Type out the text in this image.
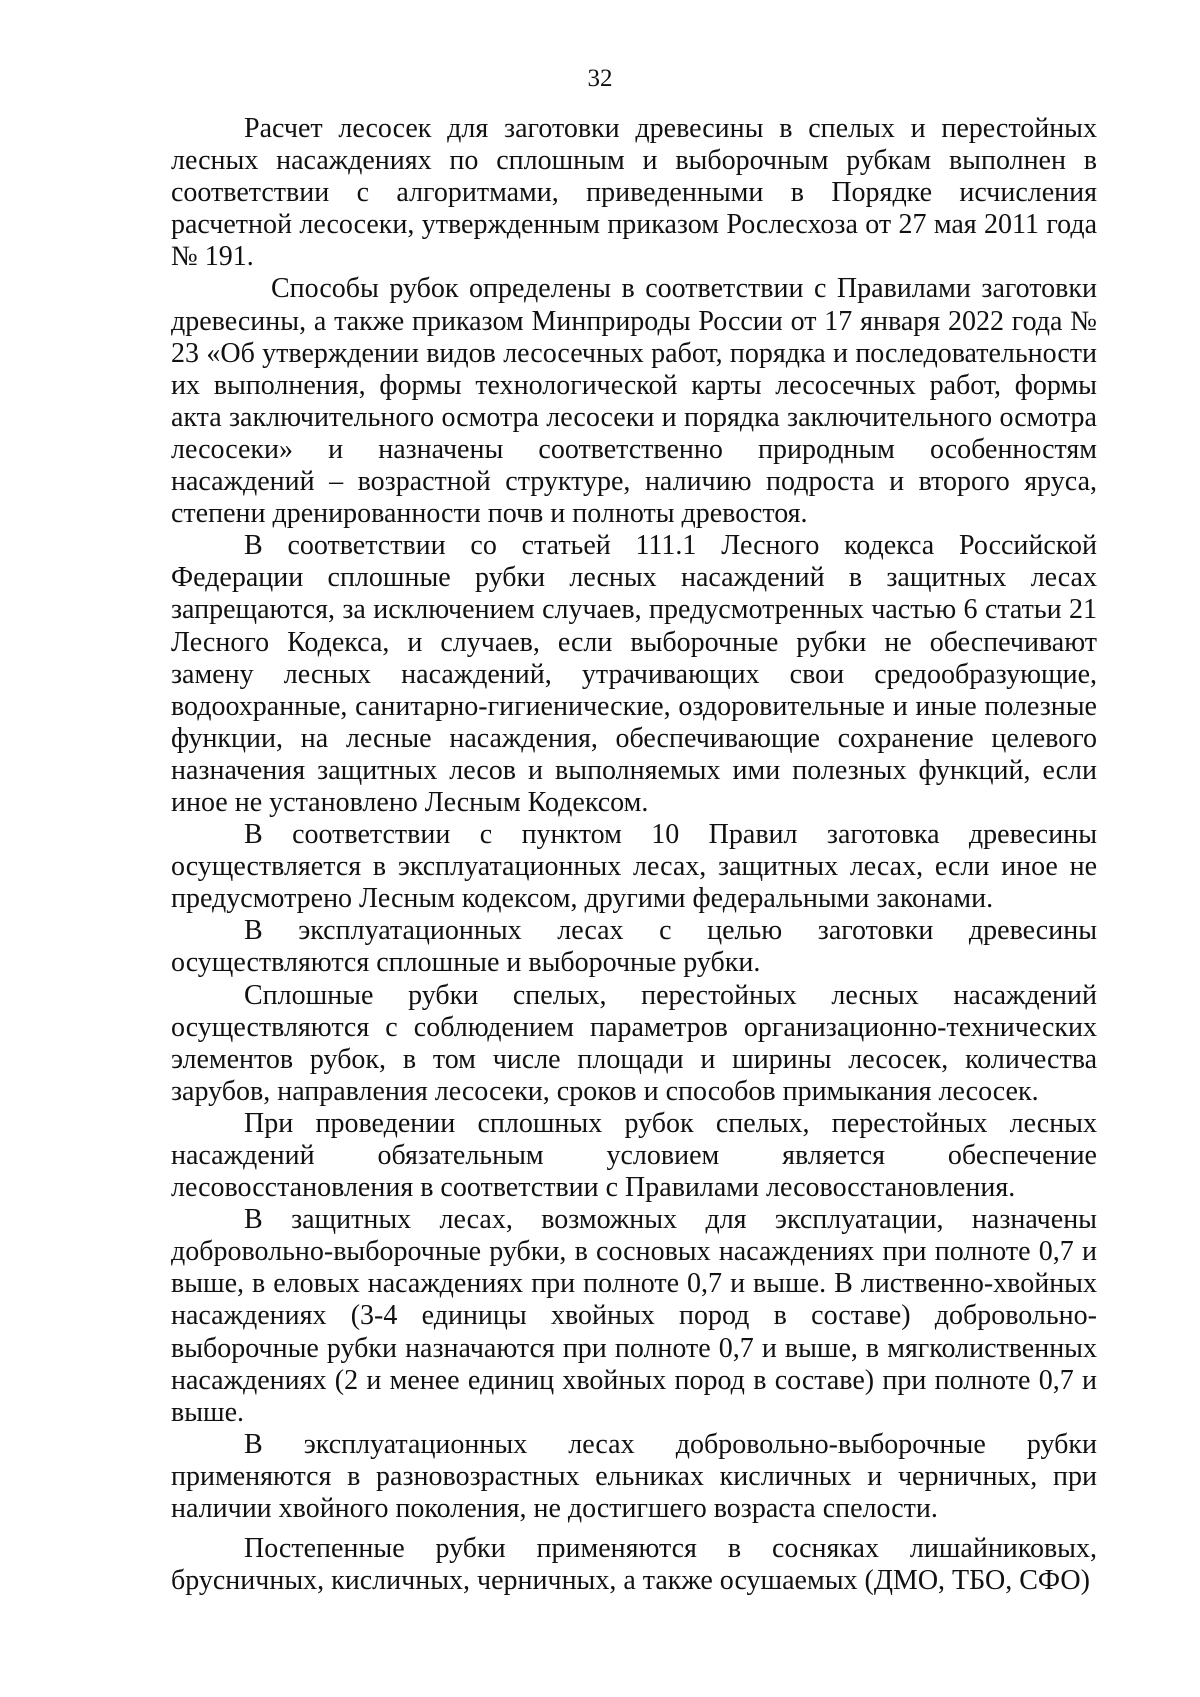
32

Расчет лесосек для заготовки древесины в спелых и перестойных лесных насаждениях по сплошным и выборочным рубкам выполнен в соответствии с алгоритмами, приведенными в Порядке исчисления расчетной лесосеки, утвержденным приказом Рослесхоза от 27 мая 2011 года № 191.

Способы рубок определены в соответствии с Правилами заготовки древесины, а также приказом Минприроды России от 17 января 2022 года № 23 «Об утверждении видов лесосечных работ, порядка и последовательности их выполнения, формы технологической карты лесосечных работ, формы акта заключительного осмотра лесосеки и порядка заключительного осмотра лесосеки» и назначены соответственно природным особенностям насаждений – возрастной структуре, наличию подроста и второго яруса, степени дренированности почв и полноты древостоя.

В соответствии со статьей 111.1 Лесного кодекса Российской Федерации сплошные рубки лесных насаждений в защитных лесах запрещаются, за исключением случаев, предусмотренных частью 6 статьи 21 Лесного Кодекса, и случаев, если выборочные рубки не обеспечивают замену лесных насаждений, утрачивающих свои средообразующие, водоохранные, санитарно-гигиенические, оздоровительные и иные полезные функции, на лесные насаждения, обеспечивающие сохранение целевого назначения защитных лесов и выполняемых ими полезных функций, если иное не установлено Лесным Кодексом.

В соответствии с пунктом 10 Правил заготовка древесины осуществляется в эксплуатационных лесах, защитных лесах, если иное не предусмотрено Лесным кодексом, другими федеральными законами.

В эксплуатационных лесах с целью заготовки древесины осуществляются сплошные и выборочные рубки.

Сплошные рубки спелых, перестойных лесных насаждений осуществляются с соблюдением параметров организационно-технических элементов рубок, в том числе площади и ширины лесосек, количества зарубов, направления лесосеки, сроков и способов примыкания лесосек.

При проведении сплошных рубок спелых, перестойных лесных насаждений обязательным условием является обеспечение лесовосстановления в соответствии с Правилами лесовосстановления.

В защитных лесах, возможных для эксплуатации, назначены добровольно-выборочные рубки, в сосновых насаждениях при полноте 0,7 и выше, в еловых насаждениях при полноте 0,7 и выше. В лиственно-хвойных насаждениях (3-4 единицы хвойных пород в составе) добровольно-выборочные рубки назначаются при полноте 0,7 и выше, в мягколиственных насаждениях (2 и менее единиц хвойных пород в составе) при полноте 0,7 и выше.

В эксплуатационных лесах добровольно-выборочные рубки применяются в разновозрастных ельниках кисличных и черничных, при наличии хвойного поколения, не достигшего возраста спелости.

Постепенные рубки применяются в сосняках лишайниковых, брусничных, кисличных, черничных, а также осушаемых (ДМО, ТБО, СФО)
